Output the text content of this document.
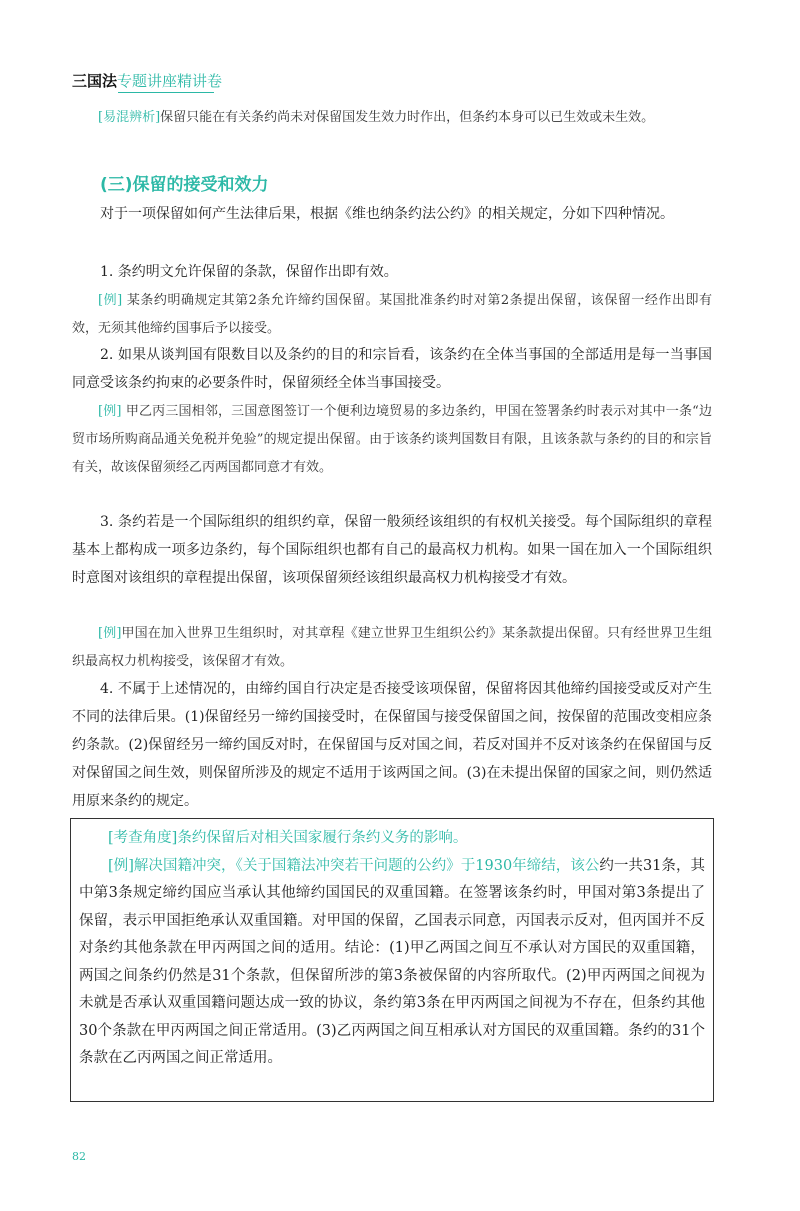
三国法专题讲座精讲卷
[易混辨析]保留只能在有关条约尚未对保留国发生效力时作出，但条约本身可以已生效或未生效。
(三)保留的接受和效力
对于一项保留如何产生法律后果，根据《维也纳条约法公约》的相关规定，分如下四种情况。
1. 条约明文允许保留的条款，保留作出即有效。
[例] 某条约明确规定其第2条允许缔约国保留。某国批准条约时对第2条提出保留，该保留一经作出即有效，无须其他缔约国事后予以接受。
2. 如果从谈判国有限数目以及条约的目的和宗旨看，该条约在全体当事国的全部适用是每一当事国同意受该条约拘束的必要条件时，保留须经全体当事国接受。
[例] 甲乙丙三国相邻，三国意图签订一个便利边境贸易的多边条约，甲国在签署条约时表示对其中一条“边贸市场所购商品通关免税并免验”的规定提出保留。由于该条约谈判国数目有限，且该条款与条约的目的和宗旨有关，故该保留须经乙丙两国都同意才有效。
3. 条约若是一个国际组织的组织约章，保留一般须经该组织的有权机关接受。每个国际组织的章程基本上都构成一项多边条约，每个国际组织也都有自己的最高权力机构。如果一国在加入一个国际组织时意图对该组织的章程提出保留，该项保留须经该组织最高权力机构接受才有效。
[例]甲国在加入世界卫生组织时，对其章程《建立世界卫生组织公约》某条款提出保留。只有经世界卫生组织最高权力机构接受，该保留才有效。
4. 不属于上述情况的，由缔约国自行决定是否接受该项保留，保留将因其他缔约国接受或反对产生不同的法律后果。(1)保留经另一缔约国接受时，在保留国与接受保留国之间，按保留的范围改变相应条约条款。(2)保留经另一缔约国反对时，在保留国与反对国之间，若反对国并不反对该条约在保留国与反对保留国之间生效，则保留所涉及的规定不适用于该两国之间。(3)在未提出保留的国家之间，则仍然适用原来条约的规定。
[考查角度]条约保留后对相关国家履行条约义务的影响。
[例]解决国籍冲突，《关于国籍法冲突若干问题的公约》于1930年缔结，该公约一共31条，其中第3条规定缔约国应当承认其他缔约国国民的双重国籍。在签署该条约时，甲国对第3条提出了保留，表示甲国拒绝承认双重国籍。对甲国的保留，乙国表示同意，丙国表示反对，但丙国并不反对条约其他条款在甲丙两国之间的适用。结论：(1)甲乙两国之间互不承认对方国民的双重国籍，两国之间条约仍然是31个条款，但保留所涉的第3条被保留的内容所取代。(2)甲丙两国之间视为未就是否承认双重国籍问题达成一致的协议，条约第3条在甲丙两国之间视为不存在，但条约其他30个条款在甲丙两国之间正常适用。(3)乙丙两国之间互相承认对方国民的双重国籍。条约的31个条款在乙丙两国之间正常适用。
82
